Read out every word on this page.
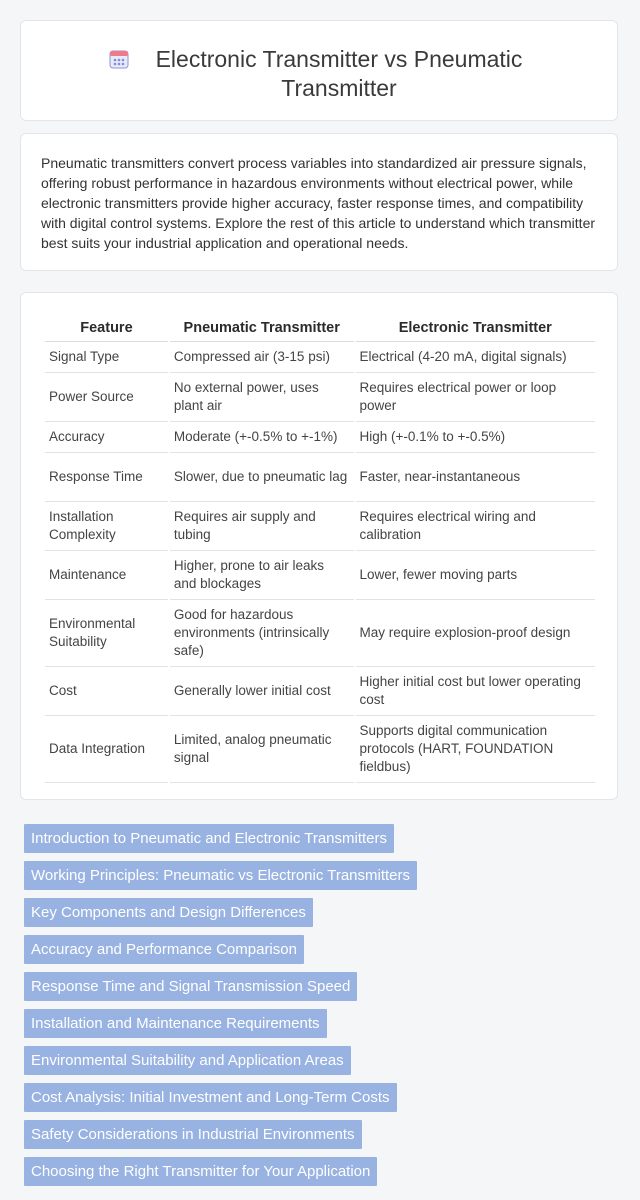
Electronic Transmitter vs Pneumatic Transmitter

Pneumatic transmitters convert process variables into standardized air pressure signals, offering robust performance in hazardous environments without electrical power, while electronic transmitters provide higher accuracy, faster response times, and compatibility with digital control systems. Explore the rest of this article to understand which transmitter best suits your industrial application and operational needs.

Feature	Pneumatic Transmitter	Electronic Transmitter
Signal Type	Compressed air (3-15 psi)	Electrical (4-20 mA, digital signals)
Power Source	No external power, uses plant air	Requires electrical power or loop power
Accuracy	Moderate (+-0.5% to +-1%)	High (+-0.1% to +-0.5%)
Response Time	Slower, due to pneumatic lag	Faster, near-instantaneous
Installation Complexity	Requires air supply and tubing	Requires electrical wiring and calibration
Maintenance	Higher, prone to air leaks and blockages	Lower, fewer moving parts
Environmental Suitability	Good for hazardous environments (intrinsically safe)	May require explosion-proof design
Cost	Generally lower initial cost	Higher initial cost but lower operating cost
Data Integration	Limited, analog pneumatic signal	Supports digital communication protocols (HART, FOUNDATION fieldbus)
Introduction to Pneumatic and Electronic Transmitters
Working Principles: Pneumatic vs Electronic Transmitters
Key Components and Design Differences
Accuracy and Performance Comparison
Response Time and Signal Transmission Speed
Installation and Maintenance Requirements
Environmental Suitability and Application Areas
Cost Analysis: Initial Investment and Long-Term Costs
Safety Considerations in Industrial Environments
Choosing the Right Transmitter for Your Application
